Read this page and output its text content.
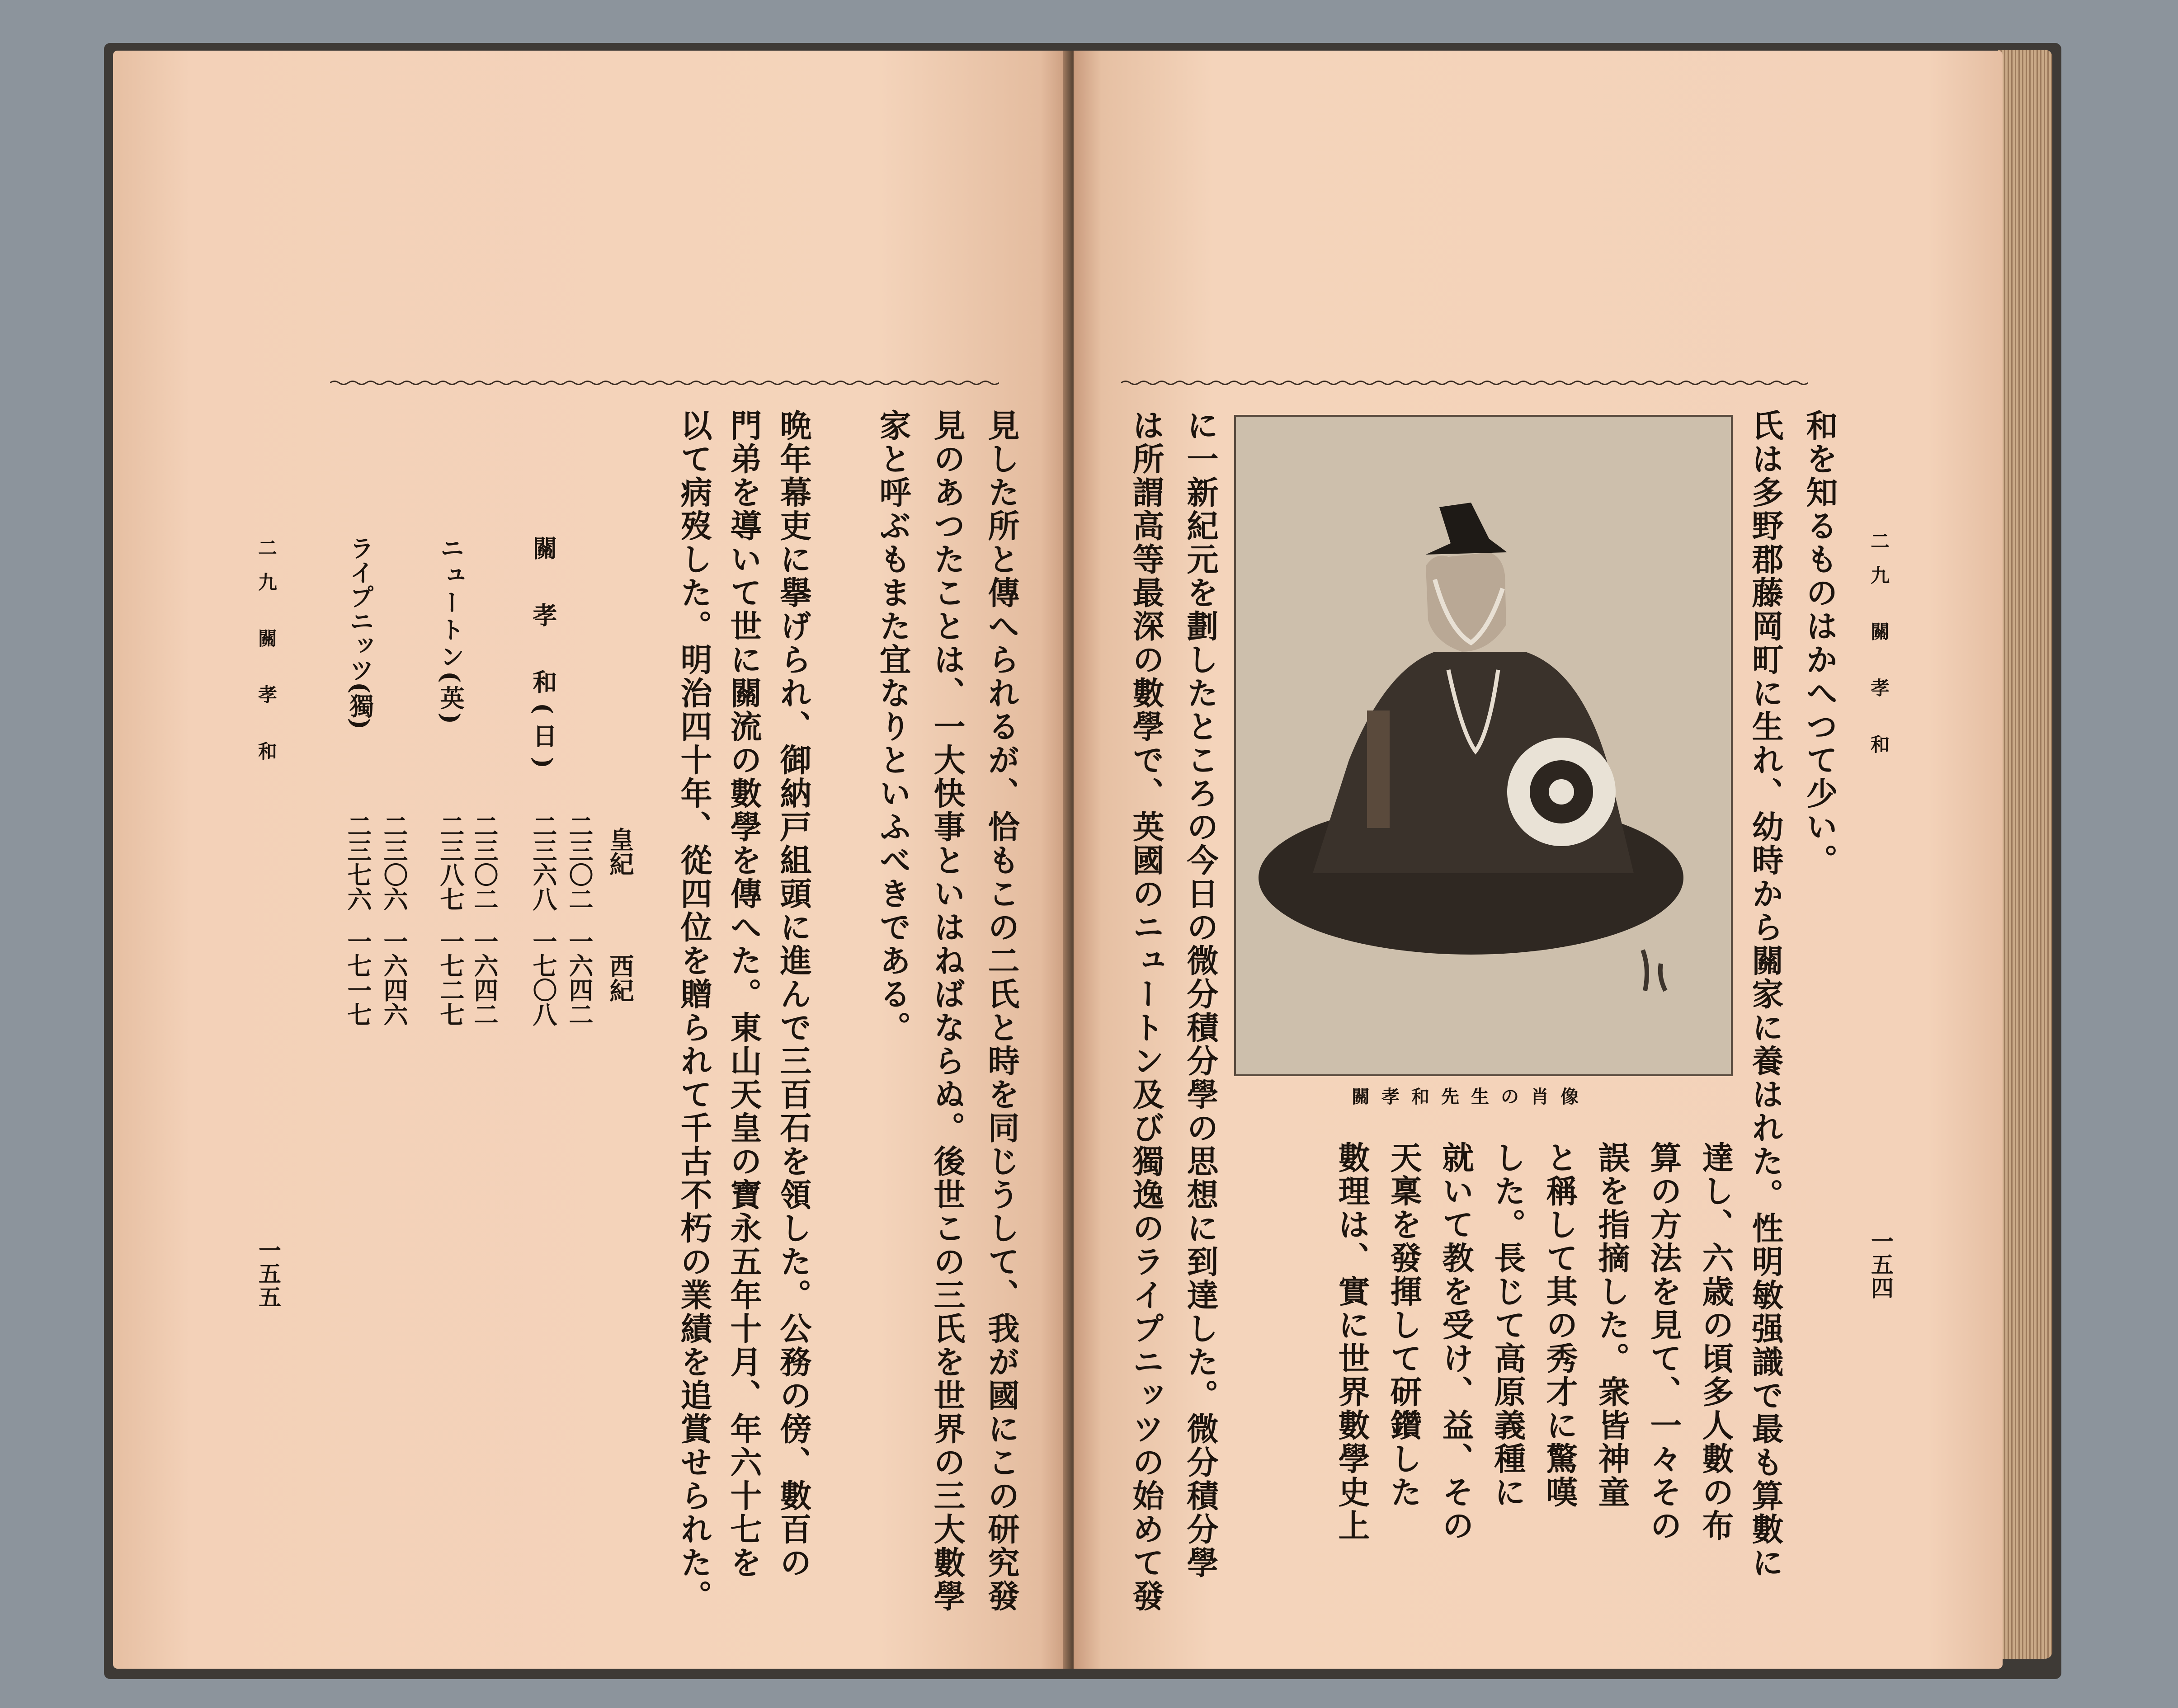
見した所と傳へられるが、恰もこの二氏と時を同じうして、我が國にこの研究發
見のあつたことは、一大快事といはねばならぬ。後世この三氏を世界の三大數學
家と呼ぶもまた宜なりといふべきである。
晩年幕吏に擧げられ、御納戸組頭に進んで三百石を領した。公務の傍、數百の
門弟を導いて世に關流の數學を傳へた。東山天皇の寶永五年十月、年六十七を
以て病歿した。明治四十年、從四位を贈られて千古不朽の業績を追賞せられた。
皇紀
西紀
關　孝　和(日)
二三〇二
一六四二
二三六八
一七〇八
ニュートン(英)
二三〇二
一六四二
二三八七
一七二七
ライプニッツ(獨)
二三〇六
一六四六
二三七六
一七一七
二九 關 孝 和
一五五
二九 關 孝 和
一五四
和を知るものはかへつて少い。
氏は多野郡藤岡町に生れ、幼時から關家に養はれた。性明敏强識で最も算數に
達し、六歳の頃多人數の布
算の方法を見て、一々その
誤を指摘した。衆皆神童
と稱して其の秀才に驚嘆
した。長じて高原義種に
就いて教を受け、益、その
天稟を發揮して研鑽した
數理は、實に世界數學史上
に一新紀元を劃したところの今日の微分積分學の思想に到達した。微分積分學
は所謂高等最深の數學で、英國のニュートン及び獨逸のライプニッツの始めて發	關孝和先生の肖像
